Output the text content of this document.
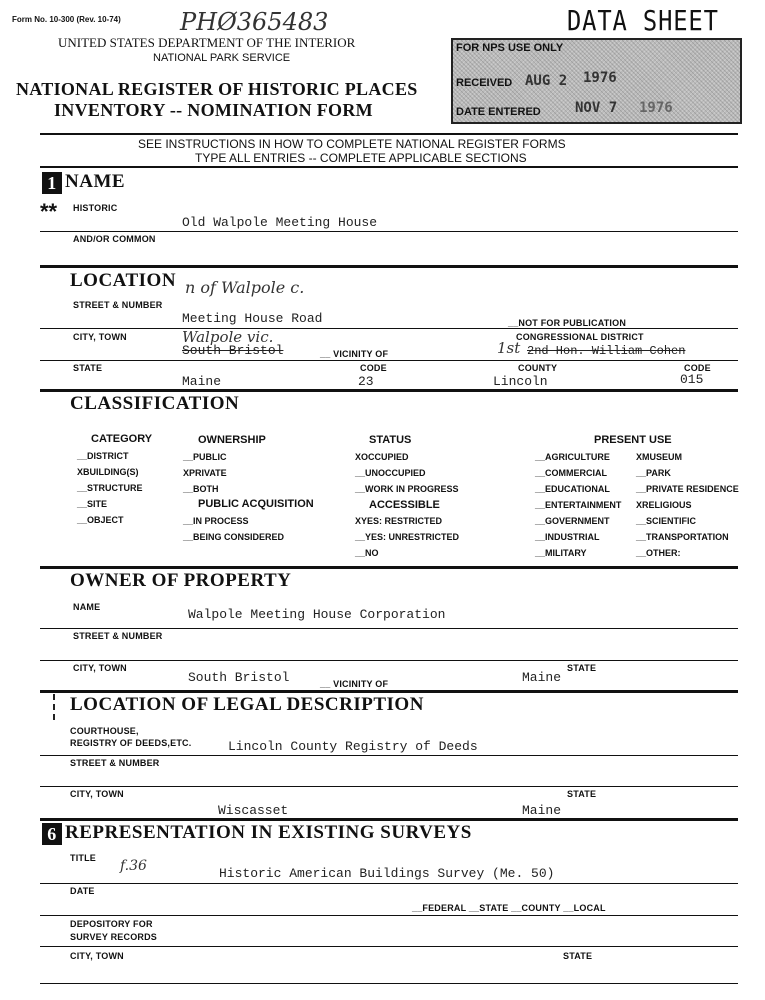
Form No. 10-300 (Rev. 10-74) PHØ365483	DATA SHEET
UNITED STATES DEPARTMENT OF THE INTERIOR
NATIONAL PARK SERVICE
NATIONAL REGISTER OF HISTORIC PLACES
INVENTORY -- NOMINATION FORM
FOR NPS USE ONLY
RECEIVED AUG 2 1976
DATE ENTERED NOV 7 1976
SEE INSTRUCTIONS IN HOW TO COMPLETE NATIONAL REGISTER FORMS
TYPE ALL ENTRIES -- COMPLETE APPLICABLE SECTIONS
1 NAME
** HISTORIC
Old Walpole Meeting House
AND/OR COMMON
LOCATION n of Walpole c.
STREET & NUMBER
Meeting House Road	__NOT FOR PUBLICATION
CITY, TOWN	Walpole vic.
South Bristol	__ VICINITY OF
CONGRESSIONAL DISTRICT
1st 2nd Hon. William Cohen
STATE	CODE	COUNTY	CODE
Maine	23	Lincoln	015
CLASSIFICATION
CATEGORY
__DISTRICT
XBUILDING(S)
__STRUCTURE
__SITE
__OBJECT
OWNERSHIP
__PUBLIC
XPRIVATE
__BOTH
PUBLIC ACQUISITION
__IN PROCESS
__BEING CONSIDERED
STATUS
XOCCUPIED
__UNOCCUPIED
__WORK IN PROGRESS
ACCESSIBLE
XYES: RESTRICTED
__YES: UNRESTRICTED
__NO
PRESENT USE
__AGRICULTURE
__COMMERCIAL
__EDUCATIONAL
__ENTERTAINMENT
__GOVERNMENT
__INDUSTRIAL
__MILITARY
XMUSEUM
__PARK
__PRIVATE RESIDENCE
XRELIGIOUS
__SCIENTIFIC
__TRANSPORTATION
__OTHER:
OWNER OF PROPERTY
NAME	Walpole Meeting House Corporation
STREET & NUMBER
CITY, TOWN
South Bristol	__ VICINITY OF
STATE
Maine
LOCATION OF LEGAL DESCRIPTION
COURTHOUSE,
REGISTRY OF DEEDS,ETC.	Lincoln County Registry of Deeds
STREET & NUMBER
CITY, TOWN	STATE
Wiscasset	Maine
6 REPRESENTATION IN EXISTING SURVEYS
TITLE f.36	Historic American Buildings Survey (Me. 50)
DATE
__FEDERAL __STATE __COUNTY __LOCAL
DEPOSITORY FOR
SURVEY RECORDS
CITY, TOWN	STATE
